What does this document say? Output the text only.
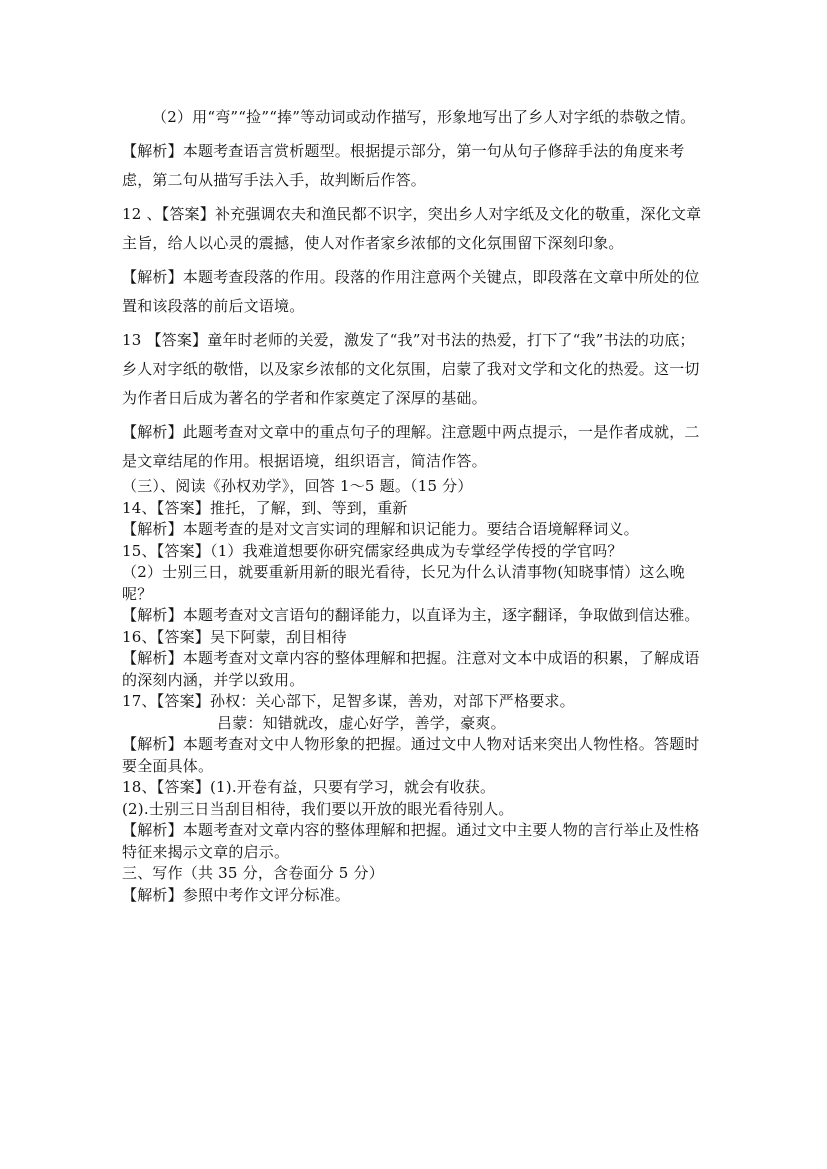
（2）用“弯”“捡”“捧”等动词或动作描写，形象地写出了乡人对字纸的恭敬之情。

【解析】本题考查语言赏析题型。根据提示部分，第一句从句子修辞手法的角度来考虑，第二句从描写手法入手，故判断后作答。

12 、【答案】补充强调农夫和渔民都不识字，突出乡人对字纸及文化的敬重，深化文章主旨，给人以心灵的震撼，使人对作者家乡浓郁的文化氛围留下深刻印象。

【解析】本题考查段落的作用。段落的作用注意两个关键点，即段落在文章中所处的位置和该段落的前后文语境。

13 【答案】童年时老师的关爱，激发了“我”对书法的热爱，打下了“我”书法的功底；乡人对字纸的敬惜，以及家乡浓郁的文化氛围，启蒙了我对文学和文化的热爱。这一切为作者日后成为著名的学者和作家奠定了深厚的基础。

【解析】此题考查对文章中的重点句子的理解。注意题中两点提示，一是作者成就，二是文章结尾的作用。根据语境，组织语言，简洁作答。

（三）、阅读《孙权劝学》，回答 1～5 题。（15 分）

14、【答案】推托，了解，到、等到，重新

【解析】本题考查的是对文言实词的理解和识记能力。要结合语境解释词义。

15、【答案】（1）我难道想要你研究儒家经典成为专掌经学传授的学官吗？

（2）士别三日，就要重新用新的眼光看待，长兄为什么认清事物(知晓事情）这么晚呢？

【解析】本题考查对文言语句的翻译能力，以直译为主，逐字翻译，争取做到信达雅。

16、【答案】吴下阿蒙，刮目相待

【解析】本题考查对文章内容的整体理解和把握。注意对文本中成语的积累，了解成语的深刻内涵，并学以致用。

17、【答案】孙权：关心部下，足智多谋，善劝，对部下严格要求。

吕蒙：知错就改，虚心好学，善学，豪爽。

【解析】本题考查对文中人物形象的把握。通过文中人物对话来突出人物性格。答题时要全面具体。

18、【答案】(1).开卷有益，只要有学习，就会有收获。

(2).士别三日当刮目相待，我们要以开放的眼光看待别人。

【解析】本题考查对文章内容的整体理解和把握。通过文中主要人物的言行举止及性格特征来揭示文章的启示。

三、写作（共 35 分，含卷面分 5 分）

【解析】参照中考作文评分标准。
